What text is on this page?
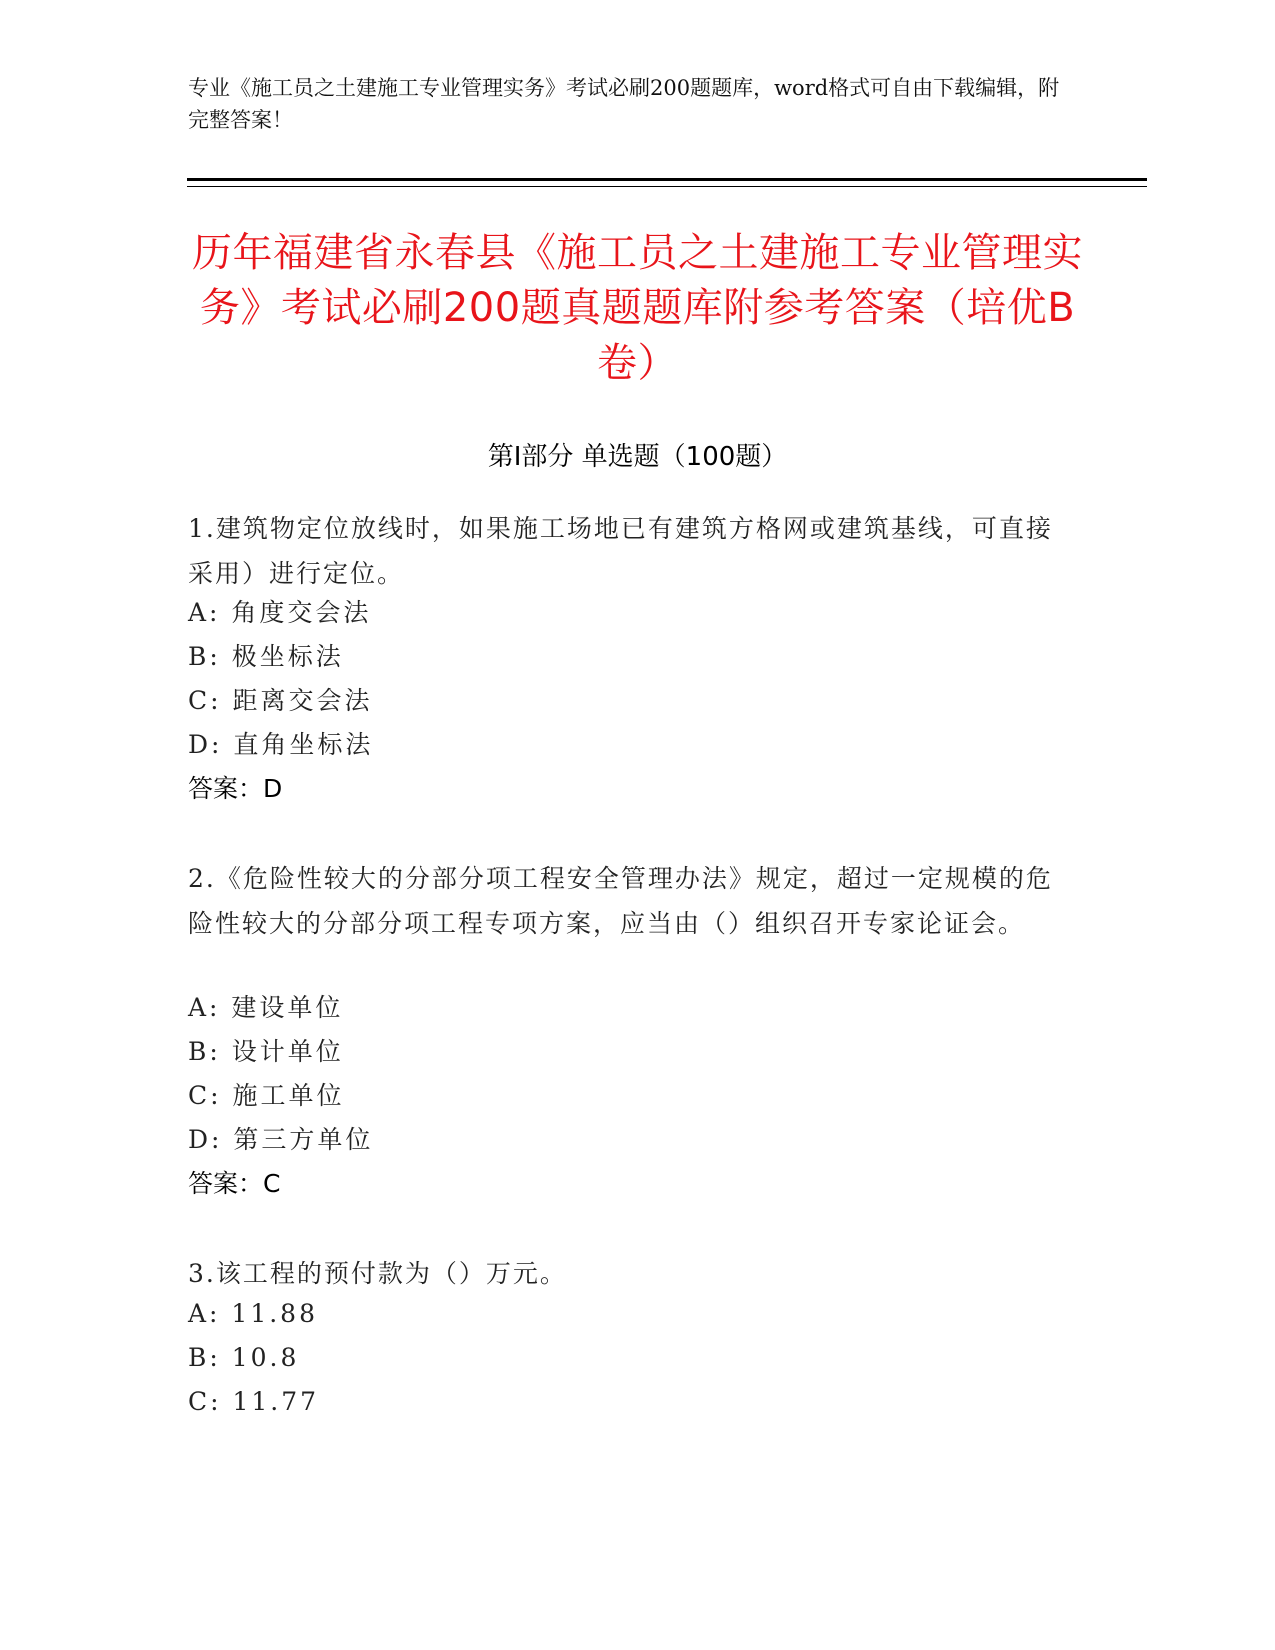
专业《施工员之土建施工专业管理实务》考试必刷200题题库，word格式可自由下载编辑，附完整答案！
历年福建省永春县《施工员之土建施工专业管理实务》考试必刷200题真题题库附参考答案（培优B卷）
第I部分 单选题（100题）
1.建筑物定位放线时，如果施工场地已有建筑方格网或建筑基线，可直接采用）进行定位。
A: 角度交会法
B: 极坐标法
C: 距离交会法
D: 直角坐标法
答案：D
2.《危险性较大的分部分项工程安全管理办法》规定，超过一定规模的危险性较大的分部分项工程专项方案，应当由（）组织召开专家论证会。
A: 建设单位
B: 设计单位
C: 施工单位
D: 第三方单位
答案：C
3.该工程的预付款为（）万元。
A: 11.88
B: 10.8
C: 11.77
